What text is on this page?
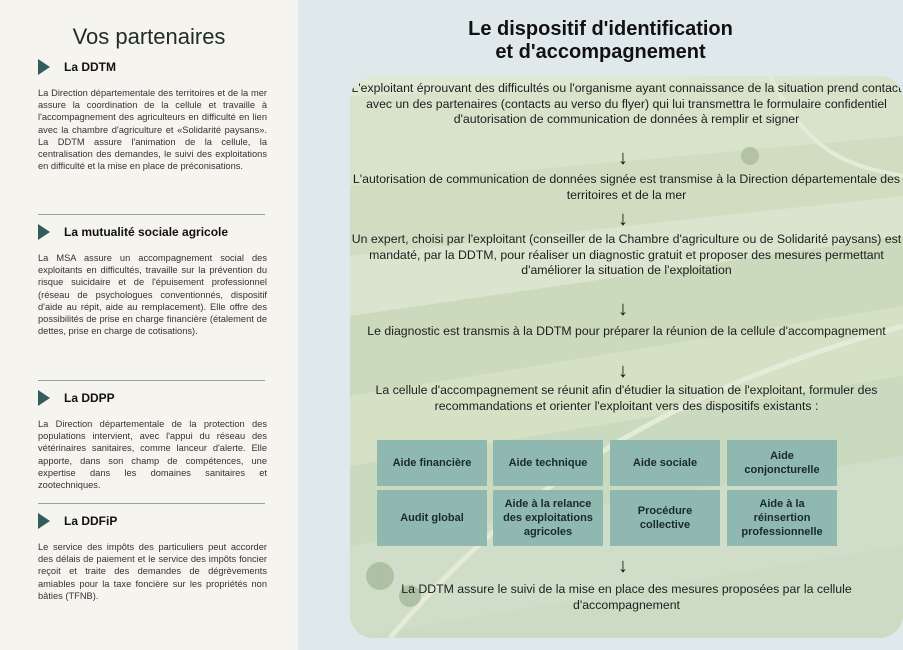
Vos partenaires
La DDTM
La Direction départementale des territoires et de la mer assure la coordination de la cellule et travaille à l'accompagnement des agriculteurs en difficulté en lien avec la chambre d'agriculture et «Solidarité paysans». La DDTM assure l'animation de la cellule, la centralisation des demandes, le suivi des exploitations en difficulté et la mise en place de préconisations.
La mutualité sociale agricole
La MSA assure un accompagnement social des exploitants en difficultés, travaille sur la prévention du risque suicidaire et de l'épuisement professionnel (réseau de psychologues conventionnés, dispositif d'aide au répit, aide au remplacement). Elle offre des possibilités de prise en charge financière (étalement de dettes, prise en charge de cotisations).
La DDPP
La Direction départementale de la protection des populations intervient, avec l'appui du réseau des vétérinaires sanitaires, comme lanceur d'alerte. Elle apporte, dans son champ de compétences, une expertise dans les domaines sanitaires et zootechniques.
La DDFiP
Le service des impôts des particuliers peut accorder des délais de paiement et le service des impôts foncier reçoit et traite des demandes de dégrèvements amiables pour la taxe foncière sur les propriétés non bâties (TFNB).
Le dispositif d'identification
et d'accompagnement
L'exploitant éprouvant des difficultés ou l'organisme ayant connaissance de la situation prend contact avec un des partenaires (contacts au verso du flyer) qui lui transmettra le formulaire confidentiel d'autorisation de communication de données à remplir et signer
↓
L'autorisation de communication de données signée est transmise à la Direction départementale des territoires et de la mer
↓
Un expert, choisi par l'exploitant (conseiller de la Chambre d'agriculture ou de Solidarité paysans) est mandaté, par la DDTM, pour réaliser un diagnostic gratuit et proposer des mesures permettant d'améliorer la situation de l'exploitation
↓
Le diagnostic est transmis à la DDTM pour préparer la réunion de la cellule d'accompagnement
↓
La cellule d'accompagnement se réunit afin d'étudier la situation de l'exploitant, formuler des recommandations et orienter l'exploitant vers des dispositifs existants :
Aide financière	Aide technique	Aide sociale
Aide conjoncturelle
Audit global
Aide à la relance des exploitations agricoles
Procédure collective
Aide à la réinsertion professionnelle
↓
La DDTM assure le suivi de la mise en place des mesures proposées par la cellule d'accompagnement
